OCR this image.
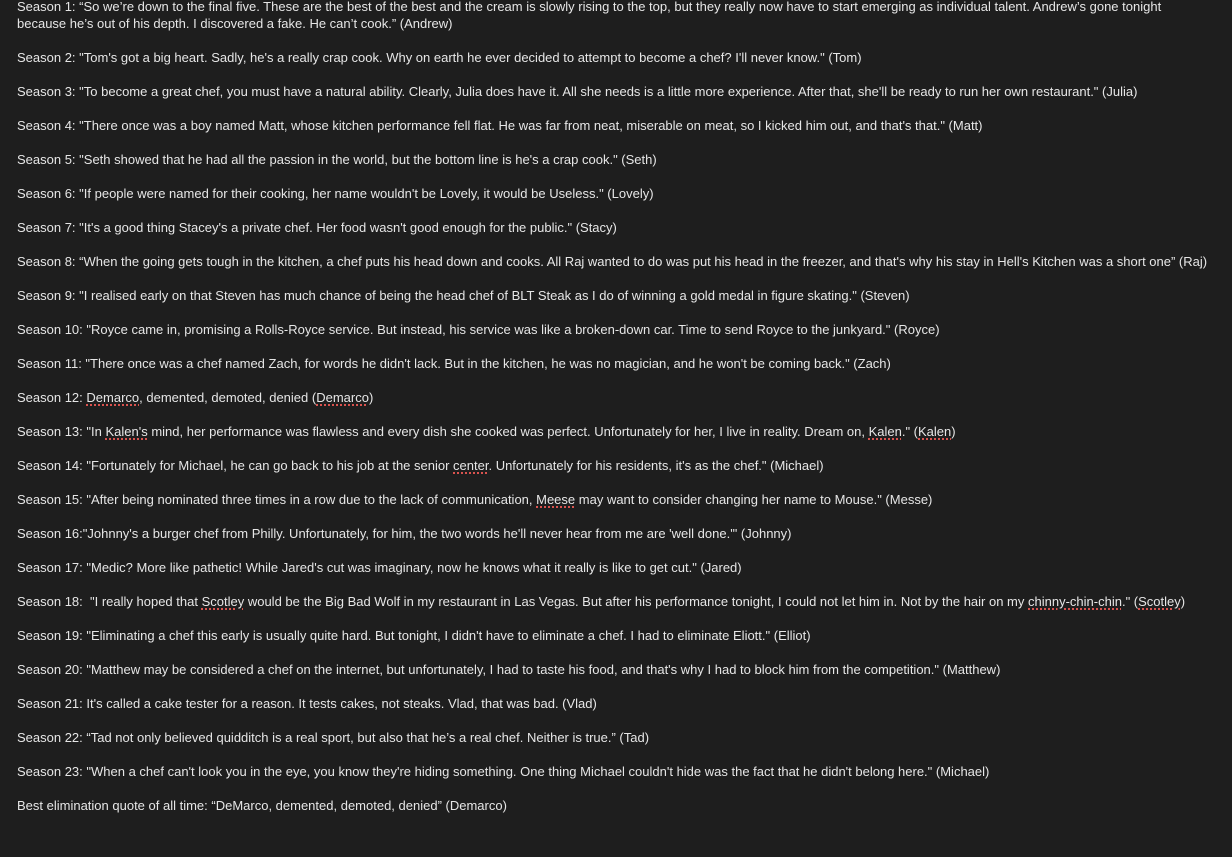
Season 1: “So we’re down to the final five. These are the best of the best and the cream is slowly rising to the top, but they really now have to start emerging as individual talent. Andrew’s gone tonight because he’s out of his depth. I discovered a fake. He can’t cook.” (Andrew)

Season 2: "Tom's got a big heart. Sadly, he's a really crap cook. Why on earth he ever decided to attempt to become a chef? I'll never know." (Tom)

Season 3: "To become a great chef, you must have a natural ability. Clearly, Julia does have it. All she needs is a little more experience. After that, she'll be ready to run her own restaurant." (Julia)

Season 4: "There once was a boy named Matt, whose kitchen performance fell flat. He was far from neat, miserable on meat, so I kicked him out, and that's that." (Matt)

Season 5: "Seth showed that he had all the passion in the world, but the bottom line is he's a crap cook." (Seth)

Season 6: "If people were named for their cooking, her name wouldn't be Lovely, it would be Useless." (Lovely)

Season 7: "It's a good thing Stacey's a private chef. Her food wasn't good enough for the public." (Stacy)

Season 8: “When the going gets tough in the kitchen, a chef puts his head down and cooks. All Raj wanted to do was put his head in the freezer, and that's why his stay in Hell's Kitchen was a short one” (Raj)

Season 9: "I realised early on that Steven has much chance of being the head chef of BLT Steak as I do of winning a gold medal in figure skating." (Steven)

Season 10: "Royce came in, promising a Rolls-Royce service. But instead, his service was like a broken-down car. Time to send Royce to the junkyard." (Royce)

Season 11: "There once was a chef named Zach, for words he didn't lack. But in the kitchen, he was no magician, and he won't be coming back." (Zach)

Season 12: Demarco, demented, demoted, denied (Demarco)

Season 13: "In Kalen's mind, her performance was flawless and every dish she cooked was perfect. Unfortunately for her, I live in reality. Dream on, Kalen." (Kalen)

Season 14: "Fortunately for Michael, he can go back to his job at the senior center. Unfortunately for his residents, it's as the chef." (Michael)

Season 15: "After being nominated three times in a row due to the lack of communication, Meese may want to consider changing her name to Mouse." (Messe)

Season 16:"Johnny's a burger chef from Philly. Unfortunately, for him, the two words he'll never hear from me are 'well done.'" (Johnny)

Season 17: "Medic? More like pathetic! While Jared's cut was imaginary, now he knows what it really is like to get cut." (Jared)

Season 18:  "I really hoped that Scotley would be the Big Bad Wolf in my restaurant in Las Vegas. But after his performance tonight, I could not let him in. Not by the hair on my chinny-chin-chin." (Scotley)

Season 19: "Eliminating a chef this early is usually quite hard. But tonight, I didn't have to eliminate a chef. I had to eliminate Eliott." (Elliot)

Season 20: "Matthew may be considered a chef on the internet, but unfortunately, I had to taste his food, and that's why I had to block him from the competition." (Matthew)

Season 21: It's called a cake tester for a reason. It tests cakes, not steaks. Vlad, that was bad. (Vlad)

Season 22: “Tad not only believed quidditch is a real sport, but also that he’s a real chef. Neither is true.” (Tad)

Season 23: "When a chef can't look you in the eye, you know they're hiding something. One thing Michael couldn't hide was the fact that he didn't belong here." (Michael)

Best elimination quote of all time: “DeMarco, demented, demoted, denied” (Demarco)
